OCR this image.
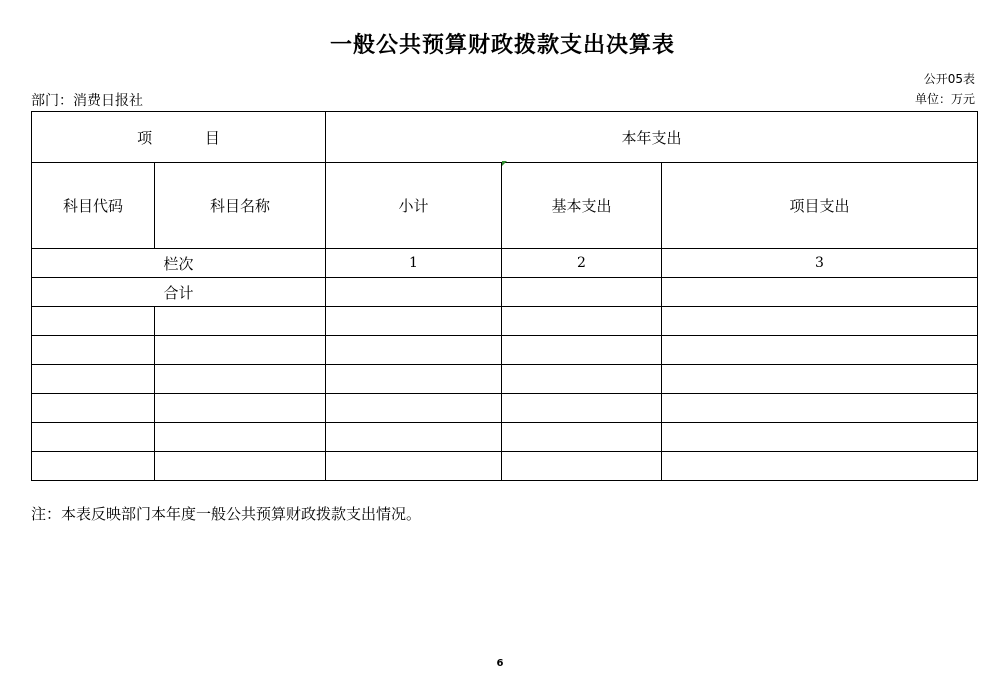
一般公共预算财政拨款支出决算表
公开05表
部门：消费日报社	单位：万元
项 目		本年支出		
科目代码	科目名称	小计	基本支出	项目支出
栏次		1	2	3
合计				

注：本表反映部门本年度一般公共预算财政拨款支出情况。
6
